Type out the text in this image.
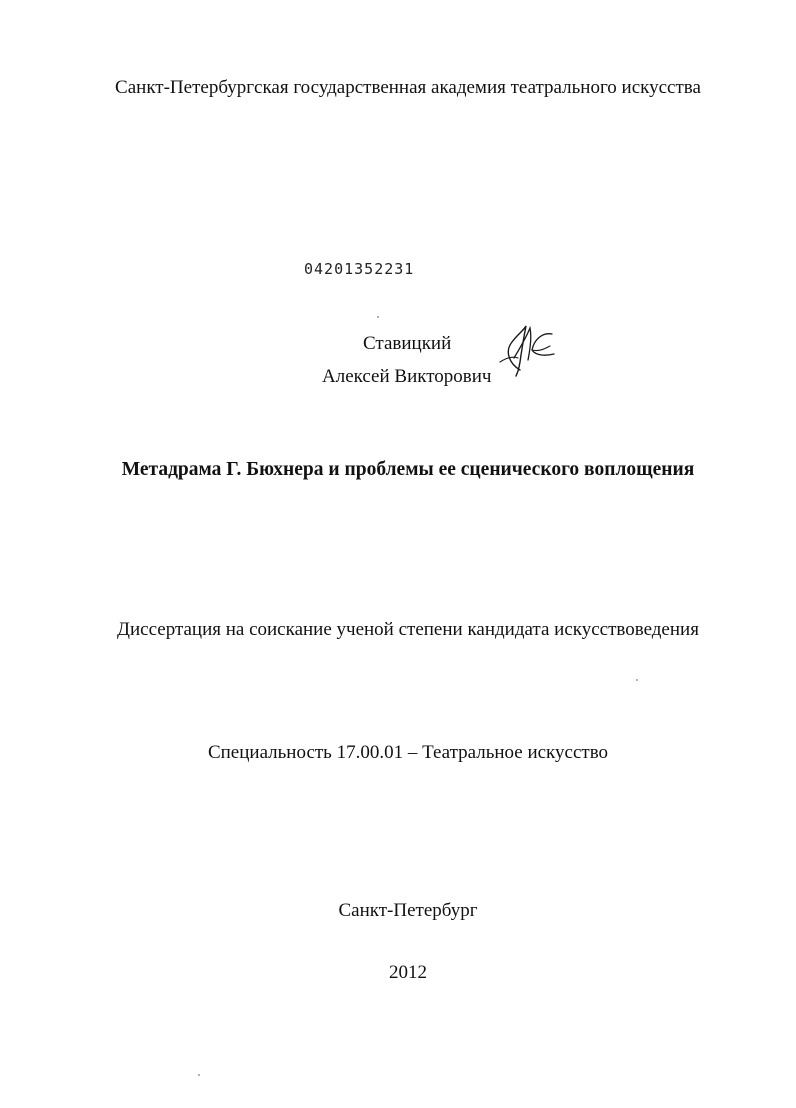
Санкт-Петербургская государственная академия театрального искусства
04201352231
Ставицкий
Алексей Викторович
Метадрама Г. Бюхнера и проблемы ее сценического воплощения
Диссертация на соискание ученой степени кандидата искусствоведения
Специальность 17.00.01 – Театральное искусство
Санкт-Петербург
2012
